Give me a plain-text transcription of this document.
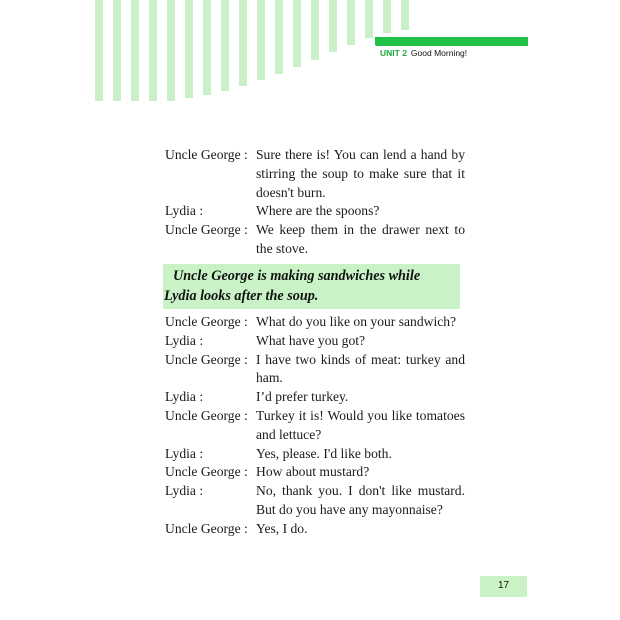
UNIT 2 Good Morning!
Uncle George : Sure there is! You can lend a hand by stirring the soup to make sure that it doesn't burn.
Lydia :	Where are the spoons?
Uncle George : We keep them in the drawer next to the stove.
Uncle George is making sandwiches while
Lydia looks after the soup.
Uncle George : What do you like on your sandwich?
Lydia :	What have you got?
Uncle George : I have two kinds of meat: turkey and ham.
Lydia :	I’d prefer turkey.
Uncle George : Turkey it is! Would you like tomatoes and lettuce?
Lydia :	Yes, please. I'd like both.
Uncle George : How about mustard?
Lydia :	No, thank you. I don't like mustard. But do you have any mayonnaise?
Uncle George : Yes, I do.
17
